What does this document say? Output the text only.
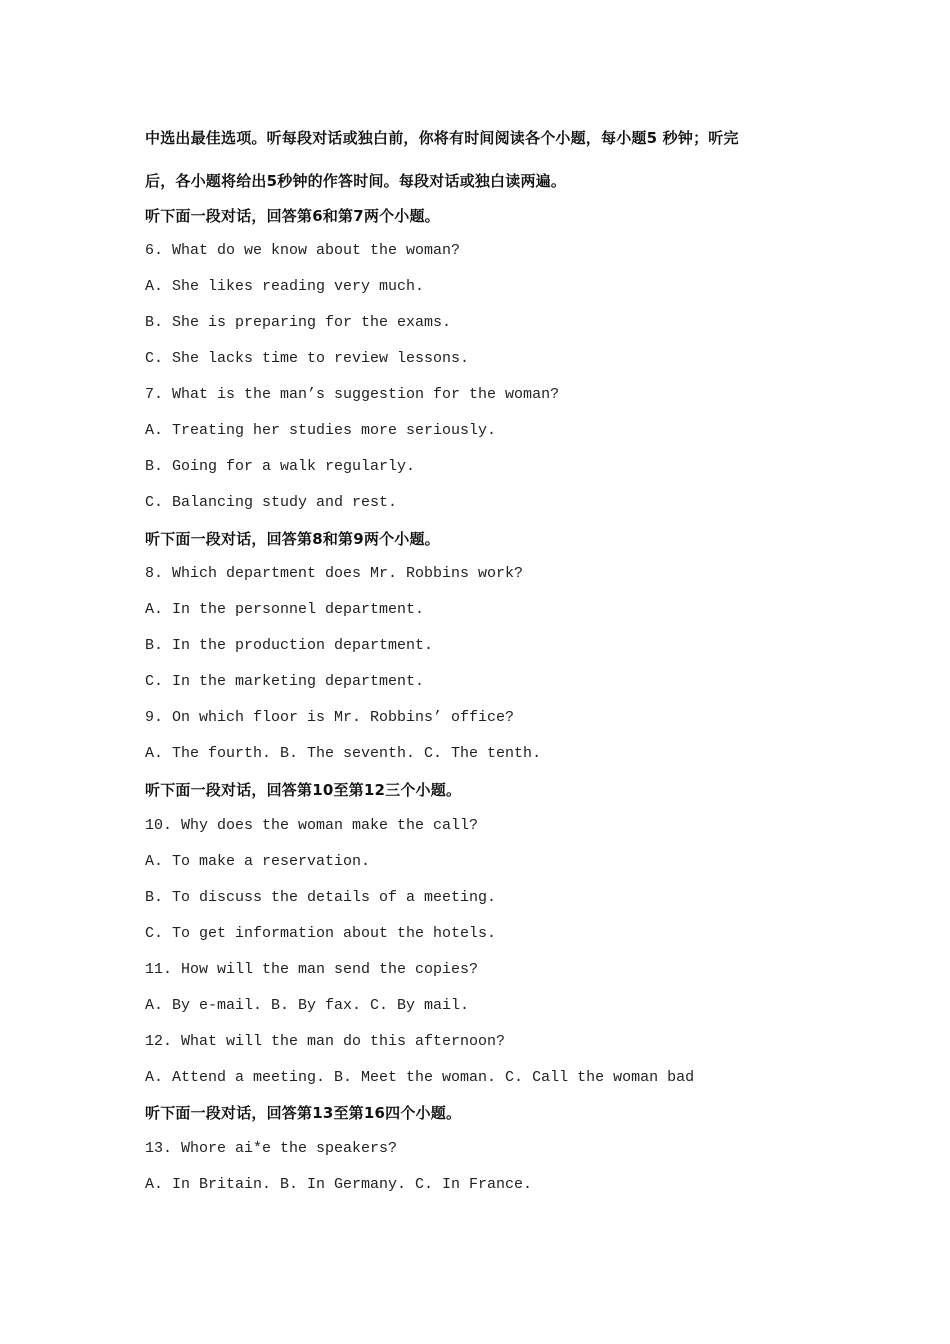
中选出最佳选项。听每段对话或独白前，你将有时间阅读各个小题，每小题5 秒钟；听完
后，各小题将给出5秒钟的作答时间。每段对话或独白读两遍。
听下面一段对话，回答第6和第7两个小题。
6. What do we know about the woman?
A. She likes reading very much.
B. She is preparing for the exams.
C. She lacks time to review lessons.
7. What is the man’s suggestion for the woman?
A. Treating her studies more seriously.
B. Going for a walk regularly.
C. Balancing study and rest.
听下面一段对话，回答第8和第9两个小题。
8. Which department does Mr. Robbins work?
A. In the personnel department.
B. In the production department.
C. In the marketing department.
9. On which floor is Mr. Robbins’ office?
A. The fourth. B. The seventh. C. The tenth.
听下面一段对话，回答第10至第12三个小题。
10. Why does the woman make the call?
A. To make a reservation.
B. To discuss the details of a meeting.
C. To get information about the hotels.
11. How will the man send the copies?
A. By e-mail. B. By fax. C. By mail.
12. What will the man do this afternoon?
A. Attend a meeting. B. Meet the woman. C. Call the woman bad
听下面一段对话，回答第13至第16四个小题。
13. Whore ai*e the speakers?
A. In Britain. B. In Germany. C. In France.
